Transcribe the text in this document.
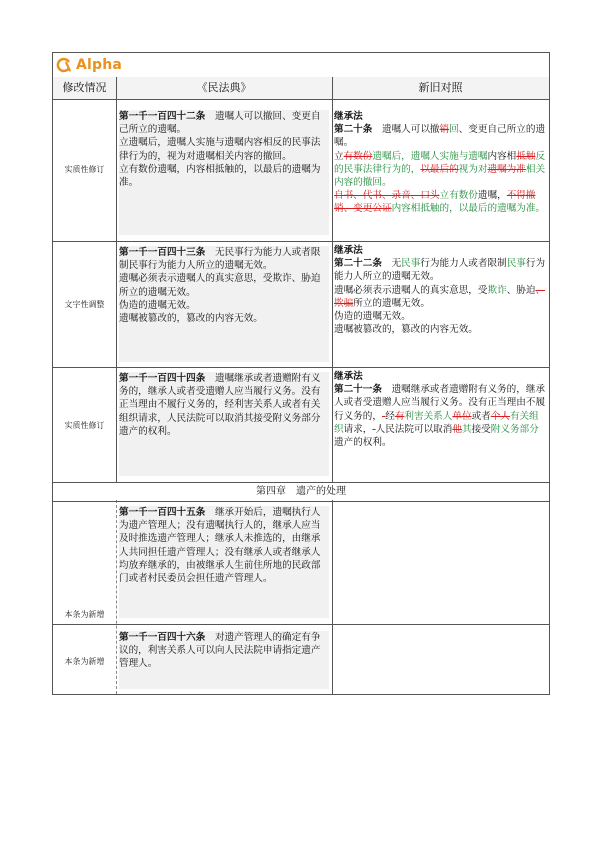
Alpha
修改情况	《民法典》	新旧对照
实质性修订

第一千一百四十二条　 遗嘱人可以撤回、变更自己所立的遗嘱。

立遗嘱后，遗嘱人实施与遗嘱内容相反的民事法律行为的，视为对遗嘱相关内容的撤回。

立有数份遗嘱，内容相抵触的，以最后的遗嘱为准。

继承法

第二十条　 遗嘱人可以撤销回、变更自己所立的遗嘱。

立有数份遗嘱后，遗嘱人实施与遗嘱内容相抵触反的民事法律行为的，以最后的视为对遗嘱为准相关内容的撤回。

自书、代书、录音、口头立有数份遗嘱，不得撤销、变更公证内容相抵触的，以最后的遗嘱为准。

文字性调整

第一千一百四十三条　 无民事行为能力人或者限制民事行为能力人所立的遗嘱无效。

遗嘱必须表示遗嘱人的真实意思，受欺诈、胁迫所立的遗嘱无效。

伪造的遗嘱无效。

遗嘱被篡改的，篡改的内容无效。

继承法

第二十二条　 无民事行为能力人或者限制民事行为能力人所立的遗嘱无效。

遗嘱必须表示遗嘱人的真实意思，受欺诈、胁迫、欺骗所立的遗嘱无效。

伪造的遗嘱无效。

遗嘱被篡改的，篡改的内容无效。

实质性修订

第一千一百四十四条　 遗嘱继承或者遗赠附有义务的，继承人或者受遗赠人应当履行义务。没有正当理由不履行义务的，经利害关系人或者有关组织请求，人民法院可以取消其接受附义务部分遗产的权利。

继承法

第二十一条　 遗嘱继承或者遗赠附有义务的，继承人或者受遗赠人应当履行义务。没有正当理由不履行义务的，-经有利害关系人单位或者个人有关组织请求，-人民法院可以取消他其接受附义务部分遗产的权利。

第四章　遗产的处理
本条为新增

第一千一百四十五条　 继承开始后，遗嘱执行人为遗产管理人；没有遗嘱执行人的，继承人应当及时推选遗产管理人；继承人未推选的，由继承人共同担任遗产管理人；没有继承人或者继承人均放弃继承的，由被继承人生前住所地的民政部门或者村民委员会担任遗产管理人。

本条为新增

第一千一百四十六条　 对遗产管理人的确定有争议的，利害关系人可以向人民法院申请指定遗产管理人。
